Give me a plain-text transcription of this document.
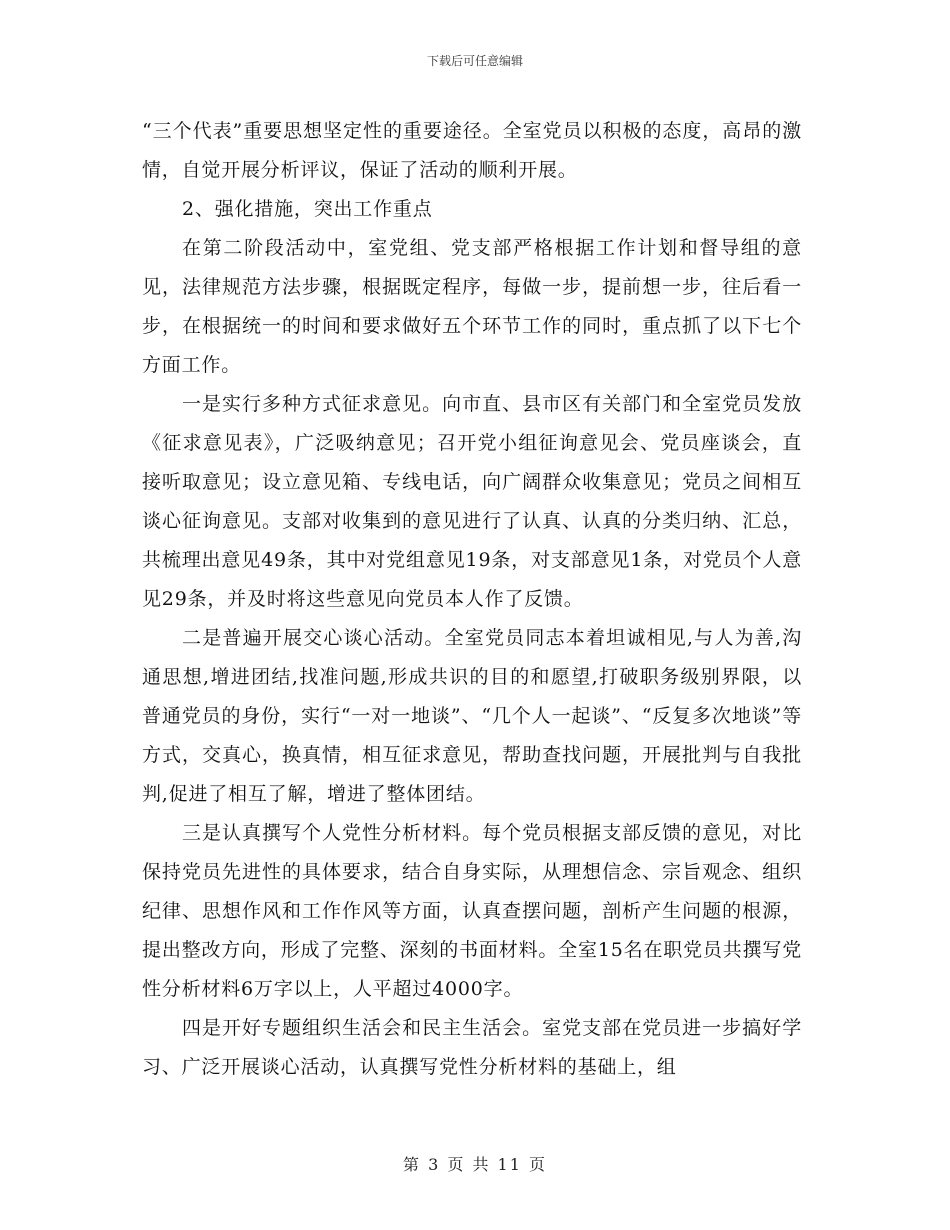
下载后可任意编辑

“三个代表”重要思想坚定性的重要途径。全室党员以积极的态度，高昂的激情，自觉开展分析评议，保证了活动的顺利开展。

2、强化措施，突出工作重点

在第二阶段活动中，室党组、党支部严格根据工作计划和督导组的意见，法律规范方法步骤，根据既定程序，每做一步，提前想一步，往后看一步，在根据统一的时间和要求做好五个环节工作的同时，重点抓了以下七个方面工作。

一是实行多种方式征求意见。向市直、县市区有关部门和全室党员发放《征求意见表》，广泛吸纳意见；召开党小组征询意见会、党员座谈会，直接听取意见；设立意见箱、专线电话，向广阔群众收集意见；党员之间相互谈心征询意见。支部对收集到的意见进行了认真、认真的分类归纳、汇总，共梳理出意见49条，其中对党组意见19条，对支部意见1条，对党员个人意见29条，并及时将这些意见向党员本人作了反馈。

二是普遍开展交心谈心活动。全室党员同志本着坦诚相见,与人为善,沟通思想,增进团结,找准问题,形成共识的目的和愿望,打破职务级别界限，以普通党员的身份，实行“一对一地谈”、“几个人一起谈”、“反复多次地谈”等方式，交真心，换真情，相互征求意见，帮助查找问题，开展批判与自我批判,促进了相互了解，增进了整体团结。

三是认真撰写个人党性分析材料。每个党员根据支部反馈的意见，对比保持党员先进性的具体要求，结合自身实际，从理想信念、宗旨观念、组织纪律、思想作风和工作作风等方面，认真查摆问题，剖析产生问题的根源，提出整改方向，形成了完整、深刻的书面材料。全室15名在职党员共撰写党性分析材料6万字以上，人平超过4000字。

四是开好专题组织生活会和民主生活会。室党支部在党员进一步搞好学习、广泛开展谈心活动，认真撰写党性分析材料的基础上，组

第 3 页 共 11 页
